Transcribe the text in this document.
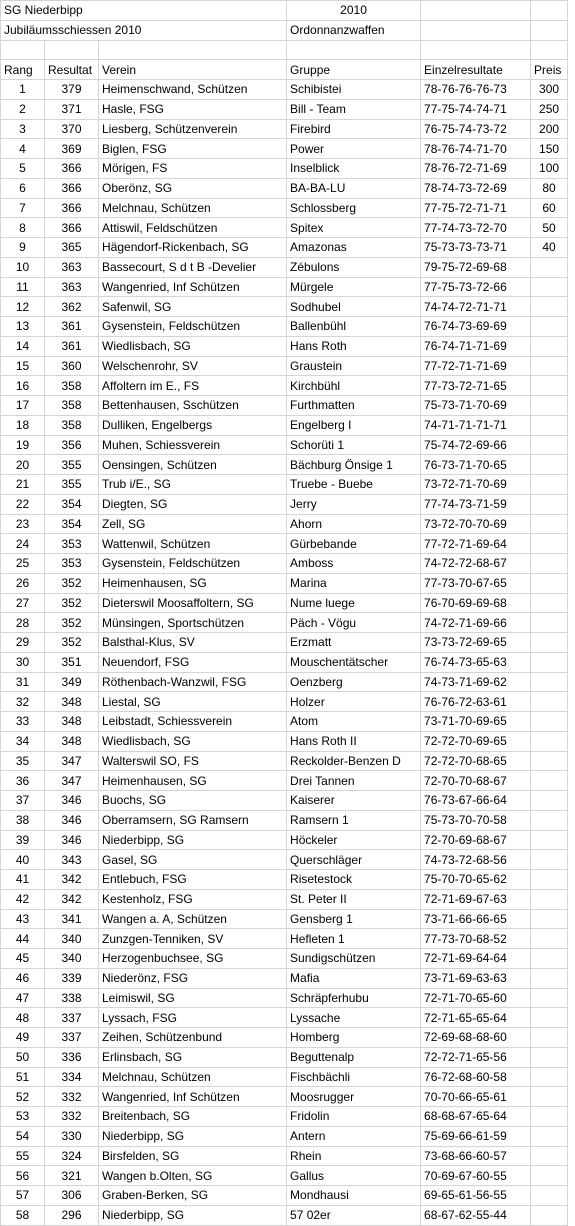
SG Niederbipp			2010		
Jubiläumsschiessen 2010			Ordonnanzwaffen		

Rang	Resultat	Verein	Gruppe	Einzelresultate	Preis
1	379	Heimenschwand, Schützen	Schibistei	78-76-76-76-73	300
2	371	Hasle, FSG	Bill - Team	77-75-74-74-71	250
3	370	Liesberg, Schützenverein	Firebird	76-75-74-73-72	200
4	369	Biglen, FSG	Power	78-76-74-71-70	150
5	366	Mörigen, FS	Inselblick	78-76-72-71-69	100
6	366	Oberönz, SG	BA-BA-LU	78-74-73-72-69	80
7	366	Melchnau, Schützen	Schlossberg	77-75-72-71-71	60
8	366	Attiswil, Feldschützen	Spitex	77-74-73-72-70	50
9	365	Hägendorf-Rickenbach, SG	Amazonas	75-73-73-73-71	40
10	363	Bassecourt, S d t B -Develier	Zébulons	79-75-72-69-68	
11	363	Wangenried, Inf Schützen	Mürgele	77-75-73-72-66	
12	362	Safenwil, SG	Sodhubel	74-74-72-71-71	
13	361	Gysenstein, Feldschützen	Ballenbühl	76-74-73-69-69	
14	361	Wiedlisbach, SG	Hans Roth	76-74-71-71-69	
15	360	Welschenrohr, SV	Graustein	77-72-71-71-69	
16	358	Affoltern im E., FS	Kirchbühl	77-73-72-71-65	
17	358	Bettenhausen, Sschützen	Furthmatten	75-73-71-70-69	
18	358	Dulliken, Engelbergs	Engelberg I	74-71-71-71-71	
19	356	Muhen, Schiessverein	Schorüti 1	75-74-72-69-66	
20	355	Oensingen, Schützen	Bächburg Önsige 1	76-73-71-70-65	
21	355	Trub i/E., SG	Truebe - Buebe	73-72-71-70-69	
22	354	Diegten, SG	Jerry	77-74-73-71-59	
23	354	Zell, SG	Ahorn	73-72-70-70-69	
24	353	Wattenwil, Schützen	Gürbebande	77-72-71-69-64	
25	353	Gysenstein, Feldschützen	Amboss	74-72-72-68-67	
26	352	Heimenhausen, SG	Marina	77-73-70-67-65	
27	352	Dieterswil Moosaffoltern, SG	Nume luege	76-70-69-69-68	
28	352	Münsingen, Sportschützen	Päch - Vögu	74-72-71-69-66	
29	352	Balsthal-Klus, SV	Erzmatt	73-73-72-69-65	
30	351	Neuendorf, FSG	Mouschentätscher	76-74-73-65-63	
31	349	Röthenbach-Wanzwil, FSG	Oenzberg	74-73-71-69-62	
32	348	Liestal, SG	Holzer	76-76-72-63-61	
33	348	Leibstadt, Schiessverein	Atom	73-71-70-69-65	
34	348	Wiedlisbach, SG	Hans Roth II	72-72-70-69-65	
35	347	Walterswil SO, FS	Reckolder-Benzen D	72-72-70-68-65	
36	347	Heimenhausen, SG	Drei Tannen	72-70-70-68-67	
37	346	Buochs, SG	Kaiserer	76-73-67-66-64	
38	346	Oberramsern, SG Ramsern	Ramsern 1	75-73-70-70-58	
39	346	Niederbipp, SG	Höckeler	72-70-69-68-67	
40	343	Gasel, SG	Querschläger	74-73-72-68-56	
41	342	Entlebuch, FSG	Risetestock	75-70-70-65-62	
42	342	Kestenholz, FSG	St. Peter II	72-71-69-67-63	
43	341	Wangen a. A, Schützen	Gensberg 1	73-71-66-66-65	
44	340	Zunzgen-Tenniken, SV	Hefleten 1	77-73-70-68-52	
45	340	Herzogenbuchsee, SG	Sundigschützen	72-71-69-64-64	
46	339	Niederönz, FSG	Mafia	73-71-69-63-63	
47	338	Leimiswil, SG	Schräpferhubu	72-71-70-65-60	
48	337	Lyssach, FSG	Lyssache	72-71-65-65-64	
49	337	Zeihen, Schützenbund	Homberg	72-69-68-68-60	
50	336	Erlinsbach, SG	Beguttenalp	72-72-71-65-56	
51	334	Melchnau, Schützen	Fischbächli	76-72-68-60-58	
52	332	Wangenried, Inf Schützen	Moosrugger	70-70-66-65-61	
53	332	Breitenbach, SG	Fridolin	68-68-67-65-64	
54	330	Niederbipp, SG	Antern	75-69-66-61-59	
55	324	Birsfelden, SG	Rhein	73-68-66-60-57	
56	321	Wangen b.Olten, SG	Gallus	70-69-67-60-55	
57	306	Graben-Berken, SG	Mondhausi	69-65-61-56-55	
58	296	Niederbipp, SG	57 02er	68-67-62-55-44	
